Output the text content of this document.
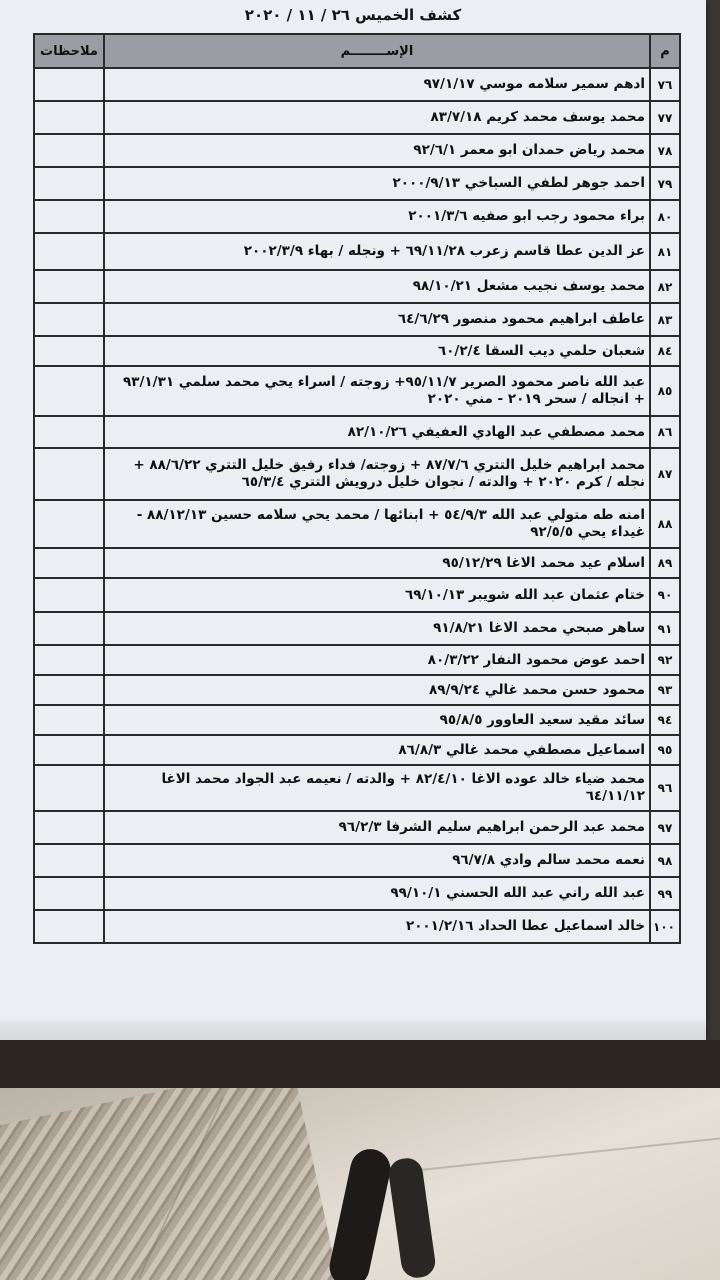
كشف الخميس ٢٦ / ١١ / ٢٠٢٠
م	الإســــــــم	ملاحظات
٧٦	ادهم سمير سلامه موسي ٩٧/١/١٧	
٧٧	محمد يوسف محمد كريم ٨٣/٧/١٨	
٧٨	محمد رياض حمدان ابو معمر ٩٢/٦/١	
٧٩	احمد جوهر لطفي السباخي ٢٠٠٠/٩/١٣	
٨٠	براء محمود رجب ابو صفيه ٢٠٠١/٣/٦	
٨١	عز الدين عطا قاسم زعرب ٦٩/١١/٢٨ + ونجله / بهاء ٢٠٠٢/٣/٩	
٨٢	محمد يوسف نجيب مشعل ٩٨/١٠/٢١	
٨٣	عاطف ابراهيم محمود منصور ٦٤/٦/٢٩	
٨٤	شعبان حلمي ديب السقا ٦٠/٢/٤	
٨٥	عبد الله ناصر محمود الصرير ٩٥/١١/٧+ زوجته / اسراء يحي محمد سلمي ٩٣/١/٣١ + انجاله / سحر ٢٠١٩ - مني ٢٠٢٠	
٨٦	محمد مصطفي عبد الهادي العفيفي ٨٢/١٠/٢٦	
٨٧	محمد ابراهيم خليل التتري ٨٧/٧/٦ + زوجته/ فداء رفيق خليل التتري ٨٨/٦/٢٢ + نجله / كرم ٢٠٢٠ + والدته / نجوان خليل درويش التتري ٦٥/٣/٤	
٨٨	امنه طه متولي عبد الله ٥٤/٩/٣ + ابنائها / محمد يحي سلامه حسين ٨٨/١٢/١٣ - غيداء يحي ٩٢/٥/٥	
٨٩	اسلام عيد محمد الاغا ٩٥/١٢/٢٩	
٩٠	ختام عثمان عبد الله شويبر ٦٩/١٠/١٣	
٩١	ساهر صبحي محمد الاغا ٩١/٨/٢١	
٩٢	احمد عوض محمود النفار ٨٠/٣/٢٢	
٩٣	محمود حسن محمد غالي ٨٩/٩/٢٤	
٩٤	سائد مقيد سعيد العاوور ٩٥/٨/٥	
٩٥	اسماعيل مصطفي محمد غالي ٨٦/٨/٣	
٩٦	محمد ضياء خالد عوده الاغا ٨٢/٤/١٠ + والدته / نعيمه عبد الجواد محمد الاغا ٦٤/١١/١٢	
٩٧	محمد عبد الرحمن ابراهيم سليم الشرفا ٩٦/٢/٣	
٩٨	نعمه محمد سالم وادي ٩٦/٧/٨	
٩٩	عبد الله راني عبد الله الحسني ٩٩/١٠/١	
١٠٠	خالد اسماعيل عطا الحداد ٢٠٠١/٢/١٦	
